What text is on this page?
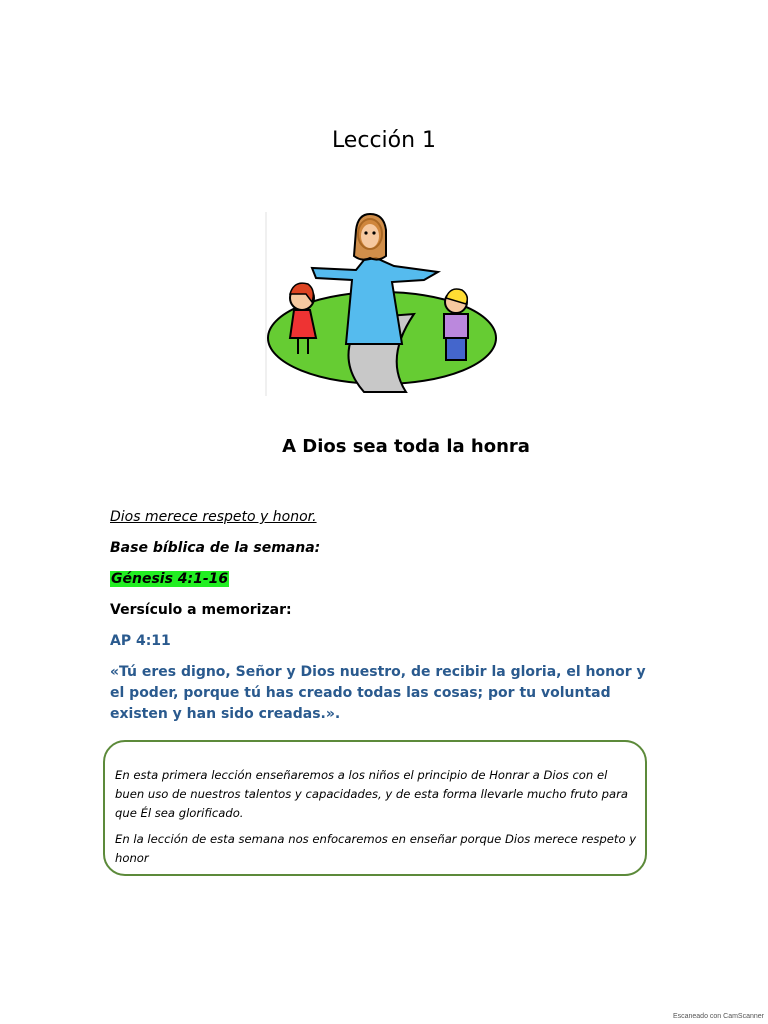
Lección 1
A Dios sea toda la honra
Dios merece respeto y honor.
Base bíblica de la semana:
Génesis 4:1-16
Versículo a memorizar:
AP 4:11
«Tú eres digno, Señor y Dios nuestro, de recibir la gloria, el honor y el poder, porque tú has creado todas las cosas; por tu voluntad existen y han sido creadas.».

En esta primera lección enseñaremos a los niños el principio de Honrar a Dios con el buen uso de nuestros talentos y capacidades, y de esta forma llevarle mucho fruto para que Él sea glorificado.

En la lección de esta semana nos enfocaremos en enseñar porque Dios merece respeto y honor

Escaneado con CamScanner
